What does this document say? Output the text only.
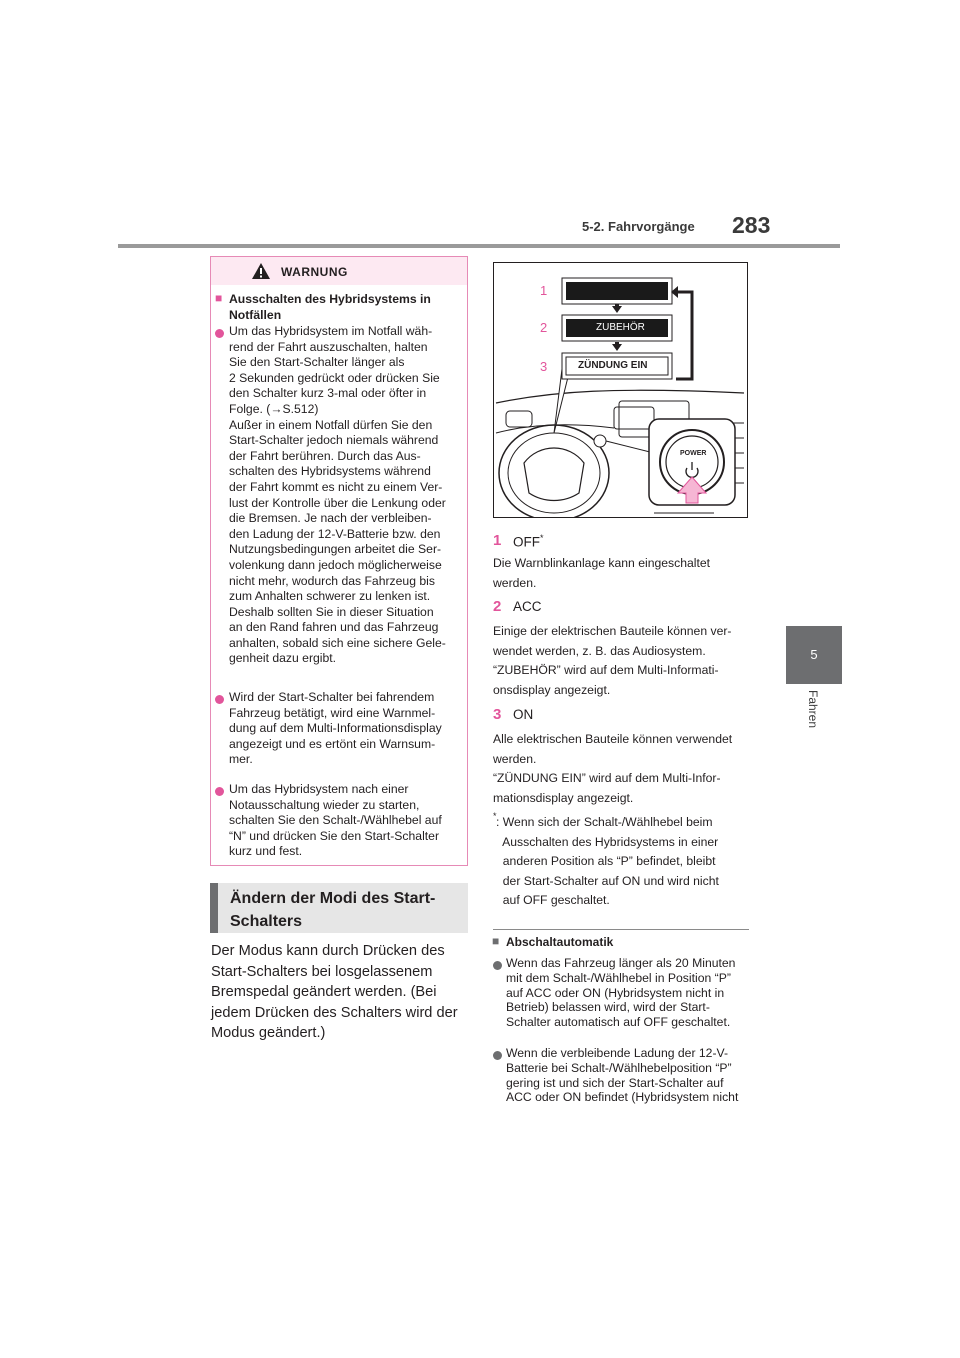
5-2. Fahrvorgänge 283
5
Fahren
WARNUNG
■ Ausschalten des Hybridsystems in
Notfällen
Um das Hybridsystem im Notfall wäh-
rend der Fahrt auszuschalten, halten
Sie den Start-Schalter länger als
2 Sekunden gedrückt oder drücken Sie
den Schalter kurz 3-mal oder öfter in
Folge. (→S.512)
Außer in einem Notfall dürfen Sie den
Start-Schalter jedoch niemals während
der Fahrt berühren. Durch das Aus-
schalten des Hybridsystems während
der Fahrt kommt es nicht zu einem Ver-
lust der Kontrolle über die Lenkung oder
die Bremsen. Je nach der verbleiben-
den Ladung der 12-V-Batterie bzw. den
Nutzungsbedingungen arbeitet die Ser-
volenkung dann jedoch möglicherweise
nicht mehr, wodurch das Fahrzeug bis
zum Anhalten schwerer zu lenken ist.
Deshalb sollten Sie in dieser Situation
an den Rand fahren und das Fahrzeug
anhalten, sobald sich eine sichere Gele-
genheit dazu ergibt.
Wird der Start-Schalter bei fahrendem
Fahrzeug betätigt, wird eine Warnmel-
dung auf dem Multi-Informationsdisplay
angezeigt und es ertönt ein Warnsum-
mer.
Um das Hybridsystem nach einer
Notausschaltung wieder zu starten,
schalten Sie den Schalt-/Wählhebel auf
“N” und drücken Sie den Start-Schalter
kurz und fest.
Ändern der Modi des Start-
Schalters
Der Modus kann durch Drücken des
Start-Schalters bei losgelassenem
Bremspedal geändert werden. (Bei
jedem Drücken des Schalters wird der
Modus geändert.)
1
2
3
ZUBEHÖR
ZÜNDUNG EIN
POWER
1 OFF*
Die Warnblinkanlage kann eingeschaltet
werden.
2 ACC
Einige der elektrischen Bauteile können ver-
wendet werden, z. B. das Audiosystem.
“ZUBEHÖR” wird auf dem Multi-Informati-
onsdisplay angezeigt.
3 ON
Alle elektrischen Bauteile können verwendet
werden.
“ZÜNDUNG EIN” wird auf dem Multi-Infor-
mationsdisplay angezeigt.
* : Wenn sich der Schalt-/Wählhebel beim
Ausschalten des Hybridsystems in einer
anderen Position als “P” befindet, bleibt
der Start-Schalter auf ON und wird nicht
auf OFF geschaltet.
■ Abschaltautomatik
Wenn das Fahrzeug länger als 20 Minuten
mit dem Schalt-/Wählhebel in Position “P”
auf ACC oder ON (Hybridsystem nicht in
Betrieb) belassen wird, wird der Start-
Schalter automatisch auf OFF geschaltet.
Wenn die verbleibende Ladung der 12-V-
Batterie bei Schalt-/Wählhebelposition “P”
gering ist und sich der Start-Schalter auf
ACC oder ON befindet (Hybridsystem nicht
